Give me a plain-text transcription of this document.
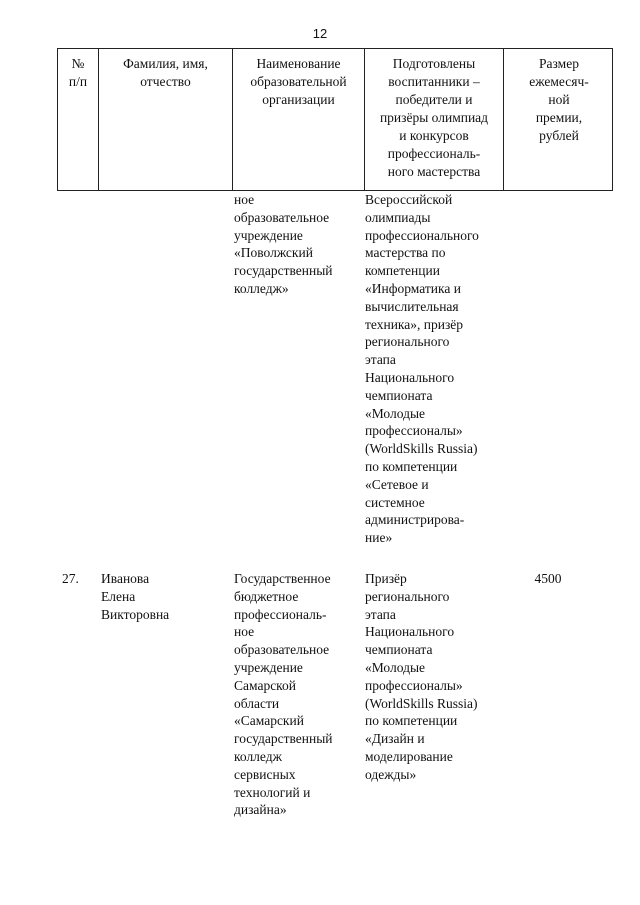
12
№
п/п
Фамилия, имя,
отчество
Наименование
образовательной
организации
Подготовлены
воспитанники –
победители и
призёры олимпиад
и конкурсов
профессиональ-
ного мастерства
Размер
ежемесяч-
ной
премии,
рублей
ное
образовательное
учреждение
«Поволжский
государственный
колледж»
Всероссийской
олимпиады
профессионального
мастерства по
компетенции
«Информатика и
вычислительная
техника», призёр
регионального
этапа
Национального
чемпионата
«Молодые
профессионалы»
(WorldSkills Russia)
по компетенции
«Сетевое и
системное
администрирова-
ние»
27. Иванова
Елена
Викторовна
Государственное
бюджетное
профессиональ-
ное
образовательное
учреждение
Самарской
области
«Самарский
государственный
колледж
сервисных
технологий и
дизайна»
Призёр
регионального
этапа
Национального
чемпионата
«Молодые
профессионалы»
(WorldSkills Russia)
по компетенции
«Дизайн и
моделирование
одежды»
4500
